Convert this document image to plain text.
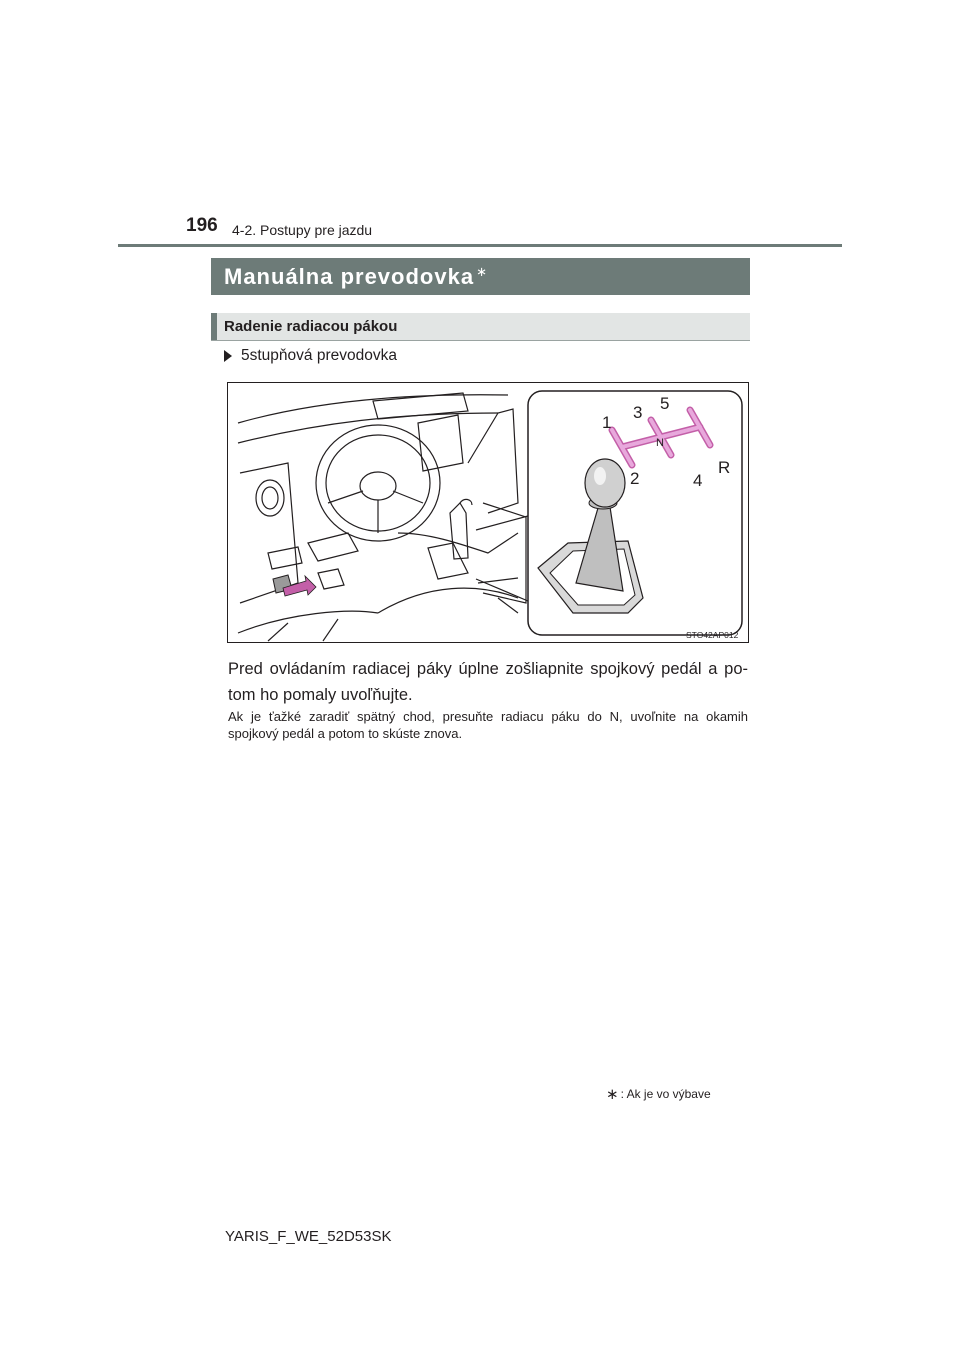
196 4-2. Postupy pre jazdu
Manuálna prevodovka ∗
Radenie radiacou pákou
5stupňová prevodovka
1
2
3
4
5
R
N
STO42AP012
Pred ovládaním radiacej páky úplne zošliapnite spojkový pedál a po-tom ho pomaly uvoľňujte.
Ak je ťažké zaradiť spätný chod, presuňte radiacu páku do N, uvoľnite na okamih spojkový pedál a potom to skúste znova.
∗ : Ak je vo výbave
YARIS_F_WE_52D53SK
